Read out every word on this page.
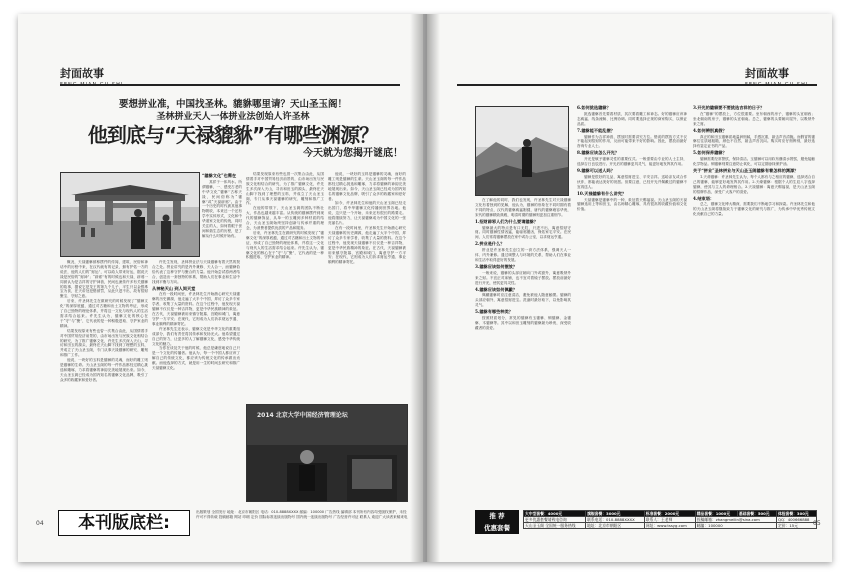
封面故事
要想拼业准，中国找圣林。貔貅哪里请？天山圣玉阁！
圣林拼业天人一体拼业法创始人许圣林
他到底与“天禄貔貅”有哪些渊源？
今天就为您揭开谜底！

“貔貅文化”也需在

其祥于一体风水。所谓貔貅，一、感受古老的中华文化“貔貅”古称天禄，民间俗称为“貔貅”或“天禄辟邪”。由于一个历史的时代被其他事物吸收，本来还一个还有学中实体形式，文化和中华道家文化的传统，同时关注的人，如何着眼于世间和谐生态的历程，是了解从什么时候开始有。

概况，天禄貔貅被称摆件的传闻，建筑、民俗和神话中的历程中来，在汉代就有的记录，拥有护佑一方的说法，他的人们的“财运”，可以给人带来好运，据说天禄是民俗的“财神”；“辟邪”有的时候也和天禄、辟邪一同被认为是吉祥的守护神兽，民间也流传许多有关貔貅的故事，据说它是龙王的第九个儿子，平生只以金银珠宝为食，在天帝处犯错被罚，从此只进不出，故有招财聚宝、守财之意。

后来，许圣林先生在做研究的时候发现了“貔貅文化”的深厚底蕴，通过对古籍和出土文物的考证，形成了自己独特的理论体系，并将这一文化与现代人的生活需求结合起来。许先生认为，貔貅文化的核心在于“守”与“聚”，它代表的是一种积极进取、守护家业的精神。

结果发现原来有些也曾一次集合由此，从国情着手对中国贸易经济前景的，由市场出发与民族文化相结合的研究，为了推广貔貅文化，许先生多次深入天山，寻访和田玉的源头，最终在天山脚下找到了理想的玉料，并成立了天山圣玉阁，专门从事天禄貔貅的研究、雕刻和推广工作。

他说，一块好的玉料是貔貅的灵魂，而好的雕工则是貔貅的生命。天山圣玉阁的每一件作品都经过精心挑选和雕琢，力求将貔貅的神韵完美地展现出来。如今，天山圣玉阁已经成为国内知名的貔貅文化品牌，吸引了众多的收藏家和爱好者。

许先生发现，圣林拼业法与天禄貔貅有着天然的契合之处。拼业讲究的是内外兼修、天人合一，而貔貅恰恰代表了这种守护与聚合的力量。他开始尝试将两者结合，创造出一套独特的体系，帮助人们在事业和生活中找到平衡与方向。

从神秘天山 到人间天堂

在有一段时间里，许圣林先生开始潜心研究天禄貔貅的历史渊源，他走遍了大半个中国，拜访了众多专家学者，收集了大量的资料。在这个过程中，他发现天禄貔貅不仅仅是一种吉祥物，更是中华民族精神的象征。在古代，天禄貔貅被用来镇守陵墓、宫殿和城门，寓意守护一方平安；在现代，它则成为人们祈求财运亨通、事业顺利的精神寄托。

许圣林先生还表示，貔貅文化是中华文化的重要组成部分，我们有责任将其传承和发扬光大。他希望通过自己的努力，让更多的人了解貔貅文化，感受中华传统文化的魅力。

当你在谈及关于他的时候，他总是谦虚地说自己只是一个文化的传播者。他认为，每一个中国人都应该了解自己的传统文化，都应该为传统文化的传承做出贡献。而他选择的方式，就是用一生的时间去研究和推广天禄貔貅文化。

结果发现原来有些也曾一次集合由此，从国情着手对中国贸易经济前景的，由市场出发与民族文化相结合的研究，为了推广貔貅文化，许先生多次深入天山，寻访和田玉的源头，最终在天山脚下找到了理想的玉料，并成立了天山圣玉阁，专门从事天禄貔貅的研究、雕刻和推广工作。

在他的带领下，天山圣玉阁的团队不断壮大，作品也越来越丰富。从传统的貔貅摆件到现代的貔貅饰品，从单一的玉雕到多种材质的结合，天山圣玉阁始终坚持创新与传承并重的理念，为消费者提供优质的产品和服务。

后来，许圣林先生在做研究的时候发现了“貔貅文化”的深厚底蕴，通过对古籍和出土文物的考证，形成了自己独特的理论体系，并将这一文化与现代人的生活需求结合起来。许先生认为，貔貅文化的核心在于“守”与“聚”，它代表的是一种积极进取、守护家业的精神。

他说，一块好的玉料是貔貅的灵魂，而好的雕工则是貔貅的生命。天山圣玉阁的每一件作品都经过精心挑选和雕琢，力求将貔貅的神韵完美地展现出来。如今，天山圣玉阁已经成为国内知名的貔貅文化品牌，吸引了众多的收藏家和爱好者。

如今，许圣林先生和他的天山圣玉阁已经走出国门，将中华貔貅文化传播到世界各地。他说，这只是一个开始，未来还有很长的路要走。他将继续努力，让天禄貔貅成为中国文化的一张亮丽名片。

在有一段时间里，许圣林先生开始潜心研究天禄貔貅的历史渊源，他走遍了大半个中国，拜访了众多专家学者，收集了大量的资料。在这个过程中，他发现天禄貔貅不仅仅是一种吉祥物，更是中华民族精神的象征。在古代，天禄貔貅被用来镇守陵墓、宫殿和城门，寓意守护一方平安；在现代，它则成为人们祈求财运亨通、事业顺利的精神寄托。

2014 北京大学中国经济管理论坛
04	本刊版底栏:
出版策划 全国发行 地址：北京市朝阳区 电话：010-8888XXXX 邮编：100000 广告热线 编辑部 本刊所有内容均受版权保护，未经许可不得转载 投稿邮箱 网站 印刷 定价 国际标准连续出版物号 国内统一连续出版物号 广告经营许可证 联系人 欢迎广大读者来稿来电
封面故事

在了解他的同时，我们也发现，许圣林先生对天禄貔貅文化有着独到的见解，他认为，貔貅的形象在不同时期有着不同的特点，汉代的貔貅威猛刚健，唐代的貔貅雍容华贵，宋代的貔貅精致典雅，明清时期的貔貅则更加注重细节。

1.招财辟邪人们为什么要请貔貅？

貔貅最大的特点是有口无肛，只进不出，寓意招财守财。同时貔貅性情凶猛，能驱邪避凶，保佑家宅平安。在民间，人们常将貔貅摆放在家中或办公室，以求财运亨通。

2.拼业是什么？

拼业是许圣林先生创立的一套方法体系，强调天人一体、内外兼修。通过调整人与环境的关系，帮助人们在事业和生活中取得更好的发展。

3.貔貅应该如何摆放？

一般来说，貔貅的头部应朝向门外或窗外，寓意吸纳外来之财。不宜正对床铺，也不宜对着镜子摆放。摆放前最好进行开光，使其更具灵性。

4.貔貅应该如何佩戴？

佩戴貔貅时应注意清洁，避免被他人随意触摸。貔貅的头部应朝外，寓意招财进宝。洗澡时最好取下，以免影响其灵气。

5.貔貅有哪些种类？

按照材质划分，常见的貔貅有玉貔貅、铜貔貅、金貔貅、木貔貅等。其中以和田玉雕刻的貔貅最为珍贵，深受收藏者的喜爱。

6.如何挑选貔貅？

挑选貔貅首先要看材质，其次要看雕工和神态。好的貔貅应该神态威猛、线条流畅、比例协调。同时要选择正规的商家购买，以保证品质。

7.貔貅能不能乱摆？

貔貅作为吉祥神兽，摆放时需要讲究方位。错误的摆放方式不仅不能起到招财的作用，反而可能带来不好的影响。因此，摆放前最好咨询专业人士。

8.貔貅应该怎么开光？

开光是赋予貔貅灵性的重要仪式。一般需要由专业的人士主持，选择吉日良辰进行。开光后的貔貅更具灵气，能更好地发挥其作用。

9.貔貅可以送人吗？

貔貅是很好的礼品，寓意招财进宝、平安吉祥。送给亲友或合作伙伴，都能表达美好的祝愿。但要注意，已经开光并佩戴过的貔貅不宜再送人。

10.天禄貔貅有什么讲究？

天禄貔貅是貔貅中的一种，象征着天赐福禄。天山圣玉阁的天禄貔貅选用上等和田玉，由名师精心雕琢，具有很高的收藏价值和文化价值。

3.开光的貔貅要不要挑选吉祥的日子？

在“貔貅”的摆放上，方位很重要。坐东朝西的房子，貔貅的头宜朝西；坐北朝南的房子，貔貅的头宜朝南。总之，貔貅的头要朝向屋外，以吸纳外来之财。

4.如何辨别真假？

真正的和田玉貔貅质地温润细腻，手感沉重，敲击声音清脆。而假冒的貔貅往往质地粗糙，颜色不自然，敲击声音沉闷。购买时应仔细辨别，最好选择有鉴定证书的产品。

5.如何保养貔貅？

貔貅需要经常擦拭，保持清洁。玉貔貅可以用软布蘸清水擦拭，避免接触化学物品。铜貔貅则要注意防止氧化，可以定期涂抹保护油。

关于“拼业”圣林拼业与天山圣玉阁貔貅有着怎样的渊源？

1.天命貔貅：许圣林先生认为，每个人都有与之相应的貔貅，选择适合自己的貔貅，能够更好地发挥其作用。2.天缘貔貅：根据个人的生辰八字选择貔貅，使其与主人的命理相合。3.天禄貔貅：寓意天赐福禄，是天山圣玉阁的招牌作品，深受广大客户的喜爱。

4.结束语：

总之，貔貅文化博大精深，需要我们不断地学习和探索。许圣林先生和他的天山圣玉阁将继续致力于貔貅文化的研究与推广，为传承中华优秀传统文化贡献自己的力量。

05
推 荐
优惠套餐
大中型套餐：4000元	旗舰套餐：3000元	标准套餐：2000元	精品套餐：1000元	基础套餐：500元	体验套餐：300元
更多优惠套餐请致电咨询	联系电话：010-8888XXXX	联系人：王老师	投稿邮箱：zhangmeilin@sina.com		QQ：400666888
天山圣玉阁 全国统一服务热线	地址：北京市朝阳区	网址：www.tssyg.com	邮编：100000		定价：15元
